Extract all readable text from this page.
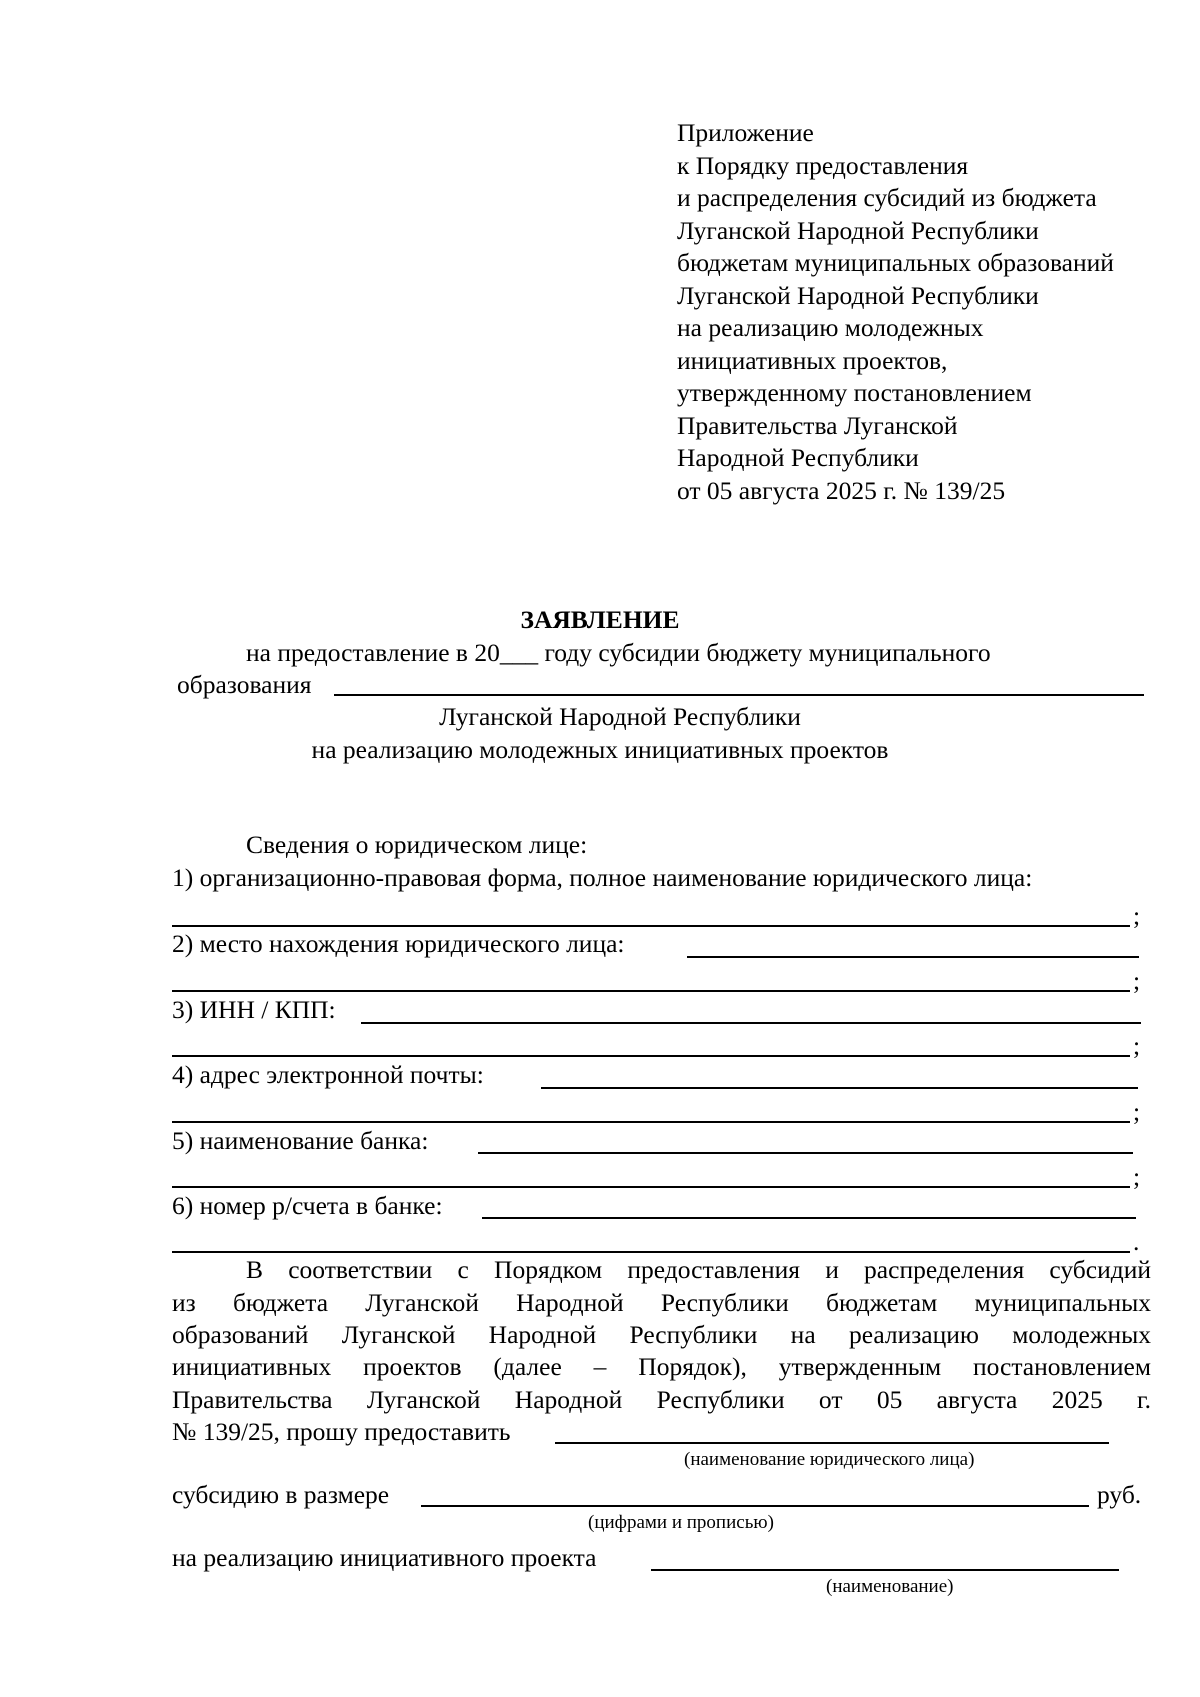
Приложение
к Порядку предоставления
и распределения субсидий из бюджета
Луганской Народной Республики
бюджетам муниципальных образований
Луганской Народной Республики
на реализацию молодежных
инициативных проектов,
утвержденному постановлением
Правительства Луганской
Народной Республики
от 05 августа 2025 г. № 139/25
ЗАЯВЛЕНИЕ
на предоставление в 20___ году субсидии бюджету муниципального
образования
Луганской Народной Республики
на реализацию молодежных инициативных проектов
Сведения о юридическом лице:
1) организационно-правовая форма, полное наименование юридического лица:
;
2) место нахождения юридического лица:
;
3) ИНН / КПП:
;
4) адрес электронной почты:
;
5) наименование банка:
;
6) номер р/счета в банке:
.
В соответствии с Порядком предоставления и распределения субсидий
из бюджета Луганской Народной Республики бюджетам муниципальных
образований Луганской Народной Республики на реализацию молодежных
инициативных проектов (далее – Порядок), утвержденным постановлением
Правительства Луганской Народной Республики от 05 августа 2025 г.
№ 139/25, прошу предоставить
(наименование юридического лица)
субсидию в размере	руб.
(цифрами и прописью)
на реализацию инициативного проекта
(наименование)
